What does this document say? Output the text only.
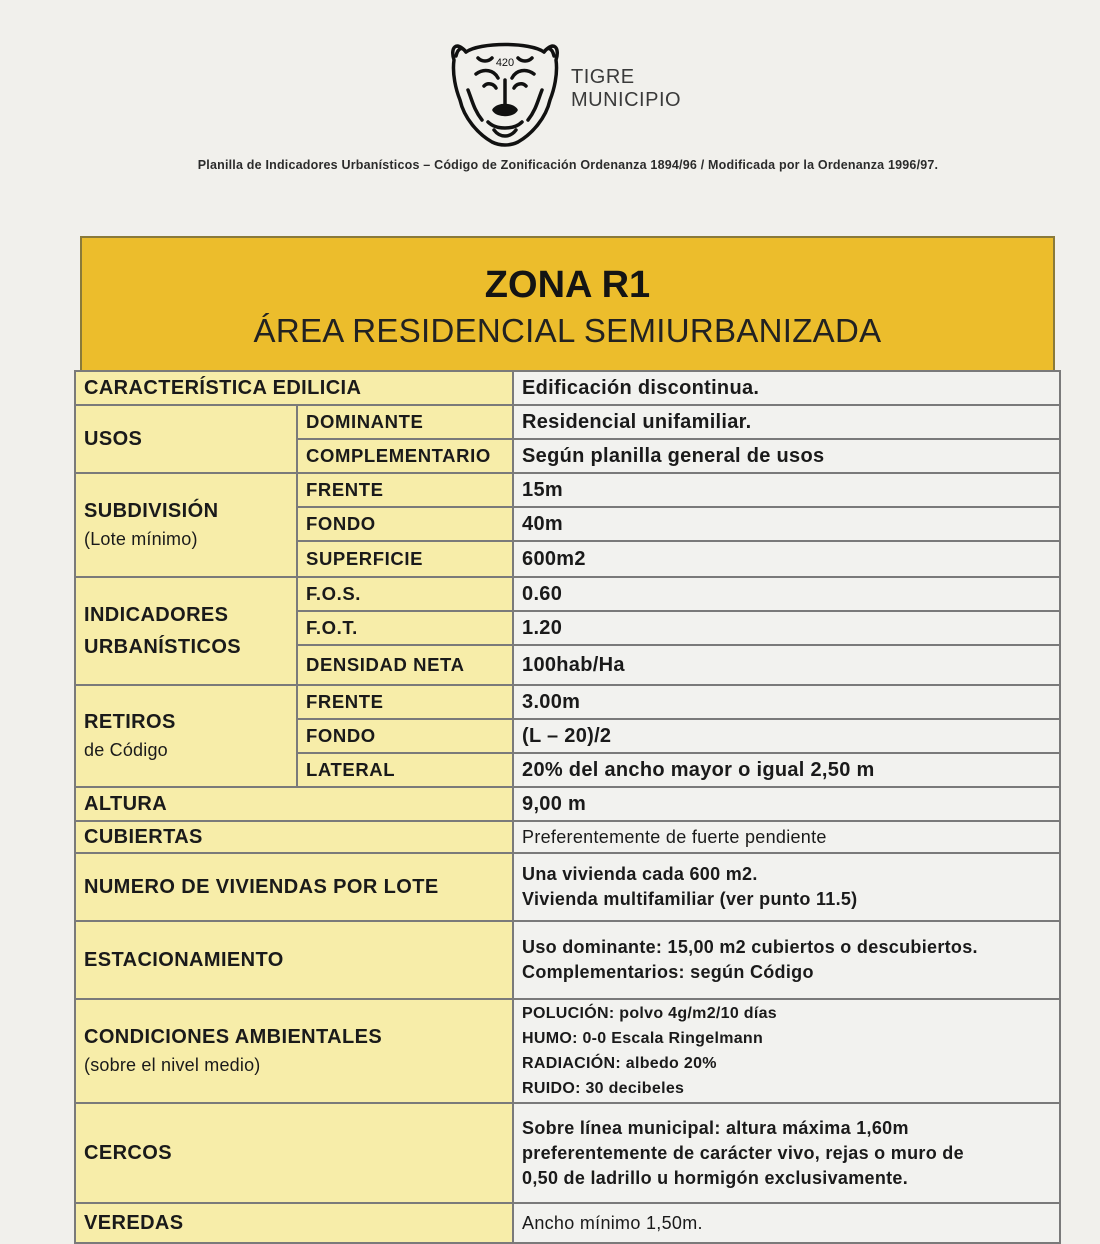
420
TIGRE
MUNICIPIO
Planilla de Indicadores Urbanísticos – Código de Zonificación Ordenanza 1894/96 / Modificada por la Ordenanza 1996/97.
ZONA R1
ÁREA RESIDENCIAL SEMIURBANIZADA
CARACTERÍSTICA EDILICIA		Edificación discontinua.
USOS	DOMINANTE	Residencial unifamiliar.
	COMPLEMENTARIO	Según planilla general de usos
SUBDIVISIÓN
(Lote mínimo)	FRENTE	15m
	FONDO	40m
	SUPERFICIE	600m2
INDICADORES
URBANÍSTICOS	F.O.S.	0.60
	F.O.T.	1.20
	DENSIDAD NETA	100hab/Ha
RETIROS
de Código	FRENTE	3.00m
	FONDO	(L – 20)/2
	LATERAL	20% del ancho mayor o igual 2,50 m
ALTURA		9,00 m
CUBIERTAS		Preferentemente de fuerte pendiente
NUMERO DE VIVIENDAS POR LOTE		Una vivienda cada 600 m2.
Vivienda multifamiliar (ver punto 11.5)
ESTACIONAMIENTO		Uso dominante: 15,00 m2 cubiertos o descubiertos.
Complementarios: según Código
CONDICIONES AMBIENTALES
(sobre el nivel medio)		POLUCIÓN: polvo 4g/m2/10 días
HUMO: 0-0 Escala Ringelmann
RADIACIÓN: albedo 20%
RUIDO: 30 decibeles
CERCOS		Sobre línea municipal: altura máxima 1,60m
preferentemente de carácter vivo, rejas o muro de
0,50 de ladrillo u hormigón exclusivamente.
VEREDAS		Ancho mínimo 1,50m.
